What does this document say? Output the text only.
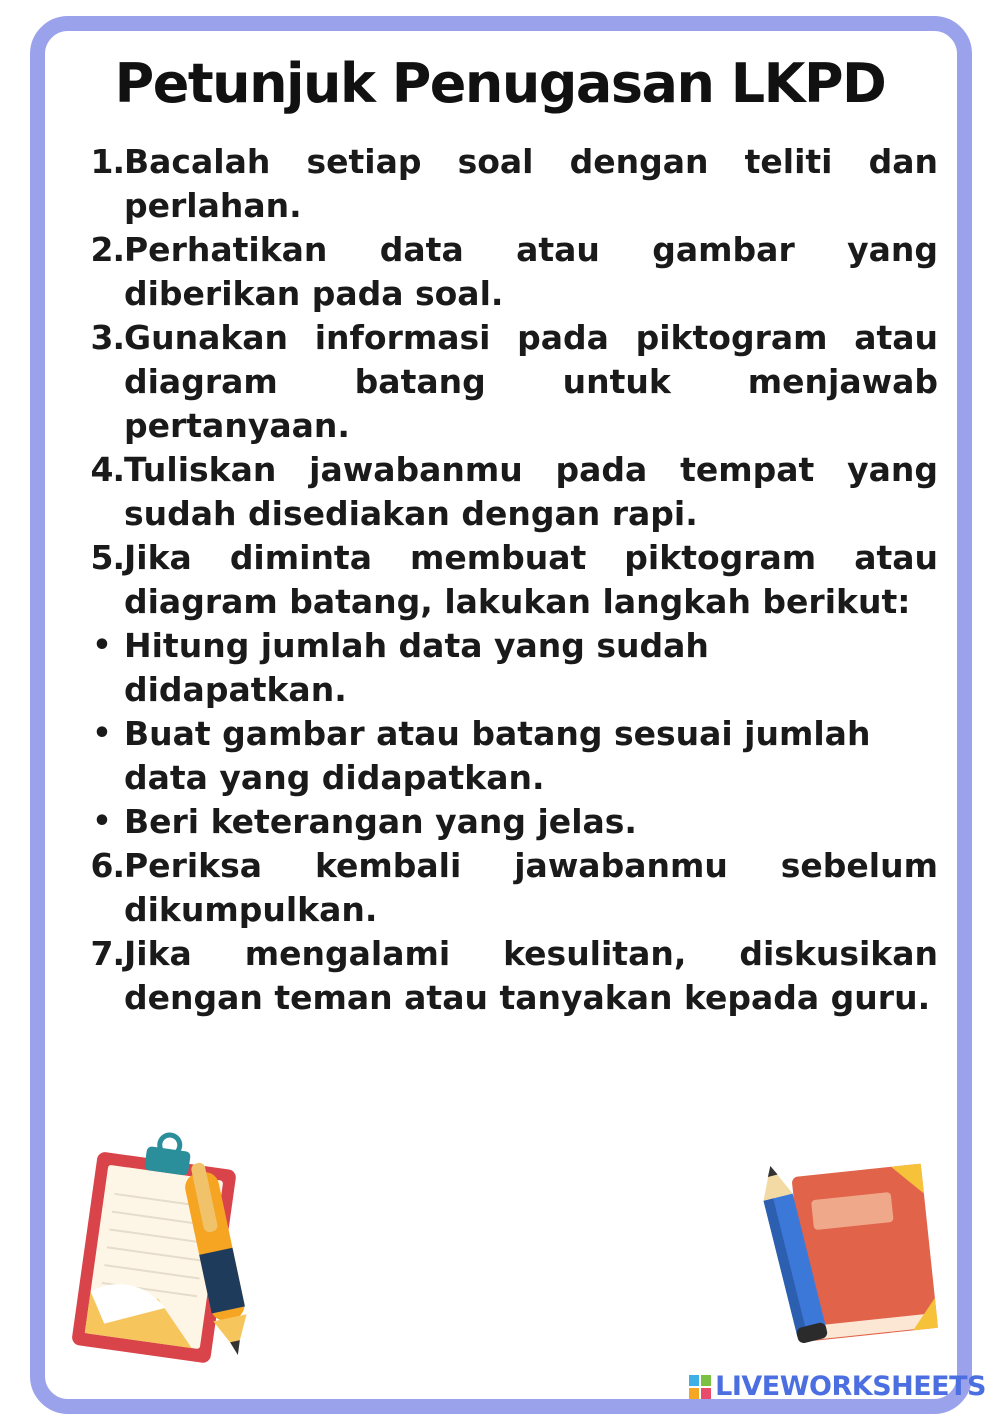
Petunjuk Penugasan LKPD
1. Bacalah setiap soal dengan teliti dan perlahan.

2. Perhatikan data atau gambar yang diberikan pada soal.

3. Gunakan informasi pada piktogram atau diagram batang untuk menjawab pertanyaan.

4. Tuliskan jawabanmu pada tempat yang sudah disediakan dengan rapi.

5. Jika diminta membuat piktogram atau diagram batang, lakukan langkah berikut:

• Hitung jumlah data yang sudah didapatkan.

• Buat gambar atau batang sesuai jumlah data yang didapatkan.

• Beri keterangan yang jelas.

6. Periksa kembali jawabanmu sebelum dikumpulkan.

7. Jika mengalami kesulitan, diskusikan dengan teman atau tanyakan kepada guru.

LIVEWORKSHEETS
